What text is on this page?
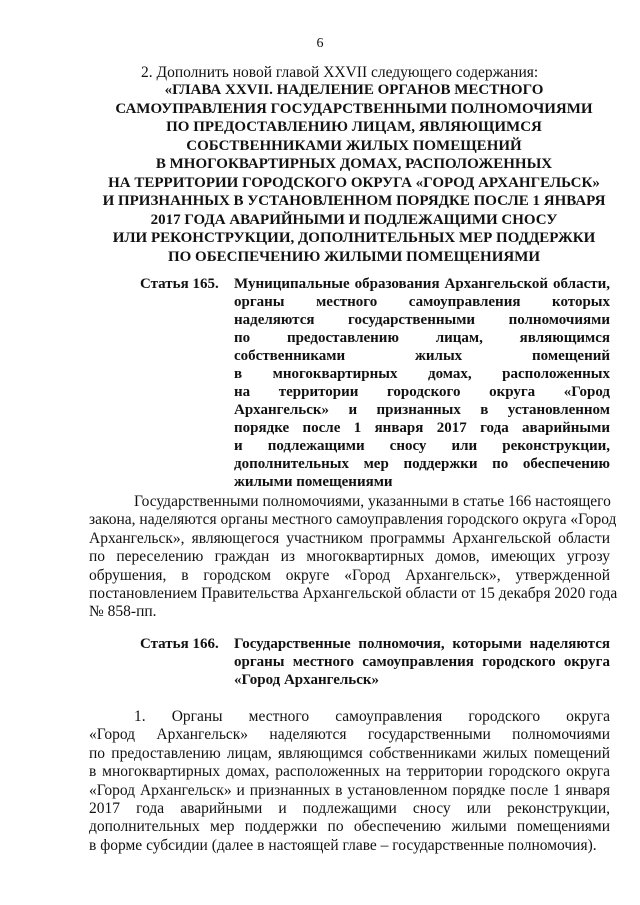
6
2. Дополнить новой главой XXVII следующего содержания:
«ГЛАВА XXVII. НАДЕЛЕНИЕ ОРГАНОВ МЕСТНОГО
САМОУПРАВЛЕНИЯ ГОСУДАРСТВЕННЫМИ ПОЛНОМОЧИЯМИ
ПО ПРЕДОСТАВЛЕНИЮ ЛИЦАМ, ЯВЛЯЮЩИМСЯ
СОБСТВЕННИКАМИ ЖИЛЫХ ПОМЕЩЕНИЙ
В МНОГОКВАРТИРНЫХ ДОМАХ, РАСПОЛОЖЕННЫХ
НА ТЕРРИТОРИИ ГОРОДСКОГО ОКРУГА «ГОРОД АРХАНГЕЛЬСК»
И ПРИЗНАННЫХ В УСТАНОВЛЕННОМ ПОРЯДКЕ ПОСЛЕ 1 ЯНВАРЯ
2017 ГОДА АВАРИЙНЫМИ И ПОДЛЕЖАЩИМИ СНОСУ
ИЛИ РЕКОНСТРУКЦИИ, ДОПОЛНИТЕЛЬНЫХ МЕР ПОДДЕРЖКИ
ПО ОБЕСПЕЧЕНИЮ ЖИЛЫМИ ПОМЕЩЕНИЯМИ
Статья 165. Муниципальные образования Архангельской области,
органы местного самоуправления которых
наделяются государственными полномочиями
по предоставлению лицам, являющимся
собственниками жилых помещений
в многоквартирных домах, расположенных
на территории городского округа «Город
Архангельск» и признанных в установленном
порядке после 1 января 2017 года аварийными
и подлежащими сносу или реконструкции,
дополнительных мер поддержки по обеспечению
жилыми помещениями
Государственными полномочиями, указанными в статье 166 настоящего
закона, наделяются органы местного самоуправления городского округа «Город
Архангельск», являющегося участником программы Архангельской области
по переселению граждан из многоквартирных домов, имеющих угрозу
обрушения, в городском округе «Город Архангельск», утвержденной
постановлением Правительства Архангельской области от 15 декабря 2020 года
№ 858-пп.
Статья 166. Государственные полномочия, которыми наделяются
органы местного самоуправления городского округа
«Город Архангельск»
1. Органы местного самоуправления городского округа
«Город Архангельск» наделяются государственными полномочиями
по предоставлению лицам, являющимся собственниками жилых помещений
в многоквартирных домах, расположенных на территории городского округа
«Город Архангельск» и признанных в установленном порядке после 1 января
2017 года аварийными и подлежащими сносу или реконструкции,
дополнительных мер поддержки по обеспечению жилыми помещениями
в форме субсидии (далее в настоящей главе – государственные полномочия).
